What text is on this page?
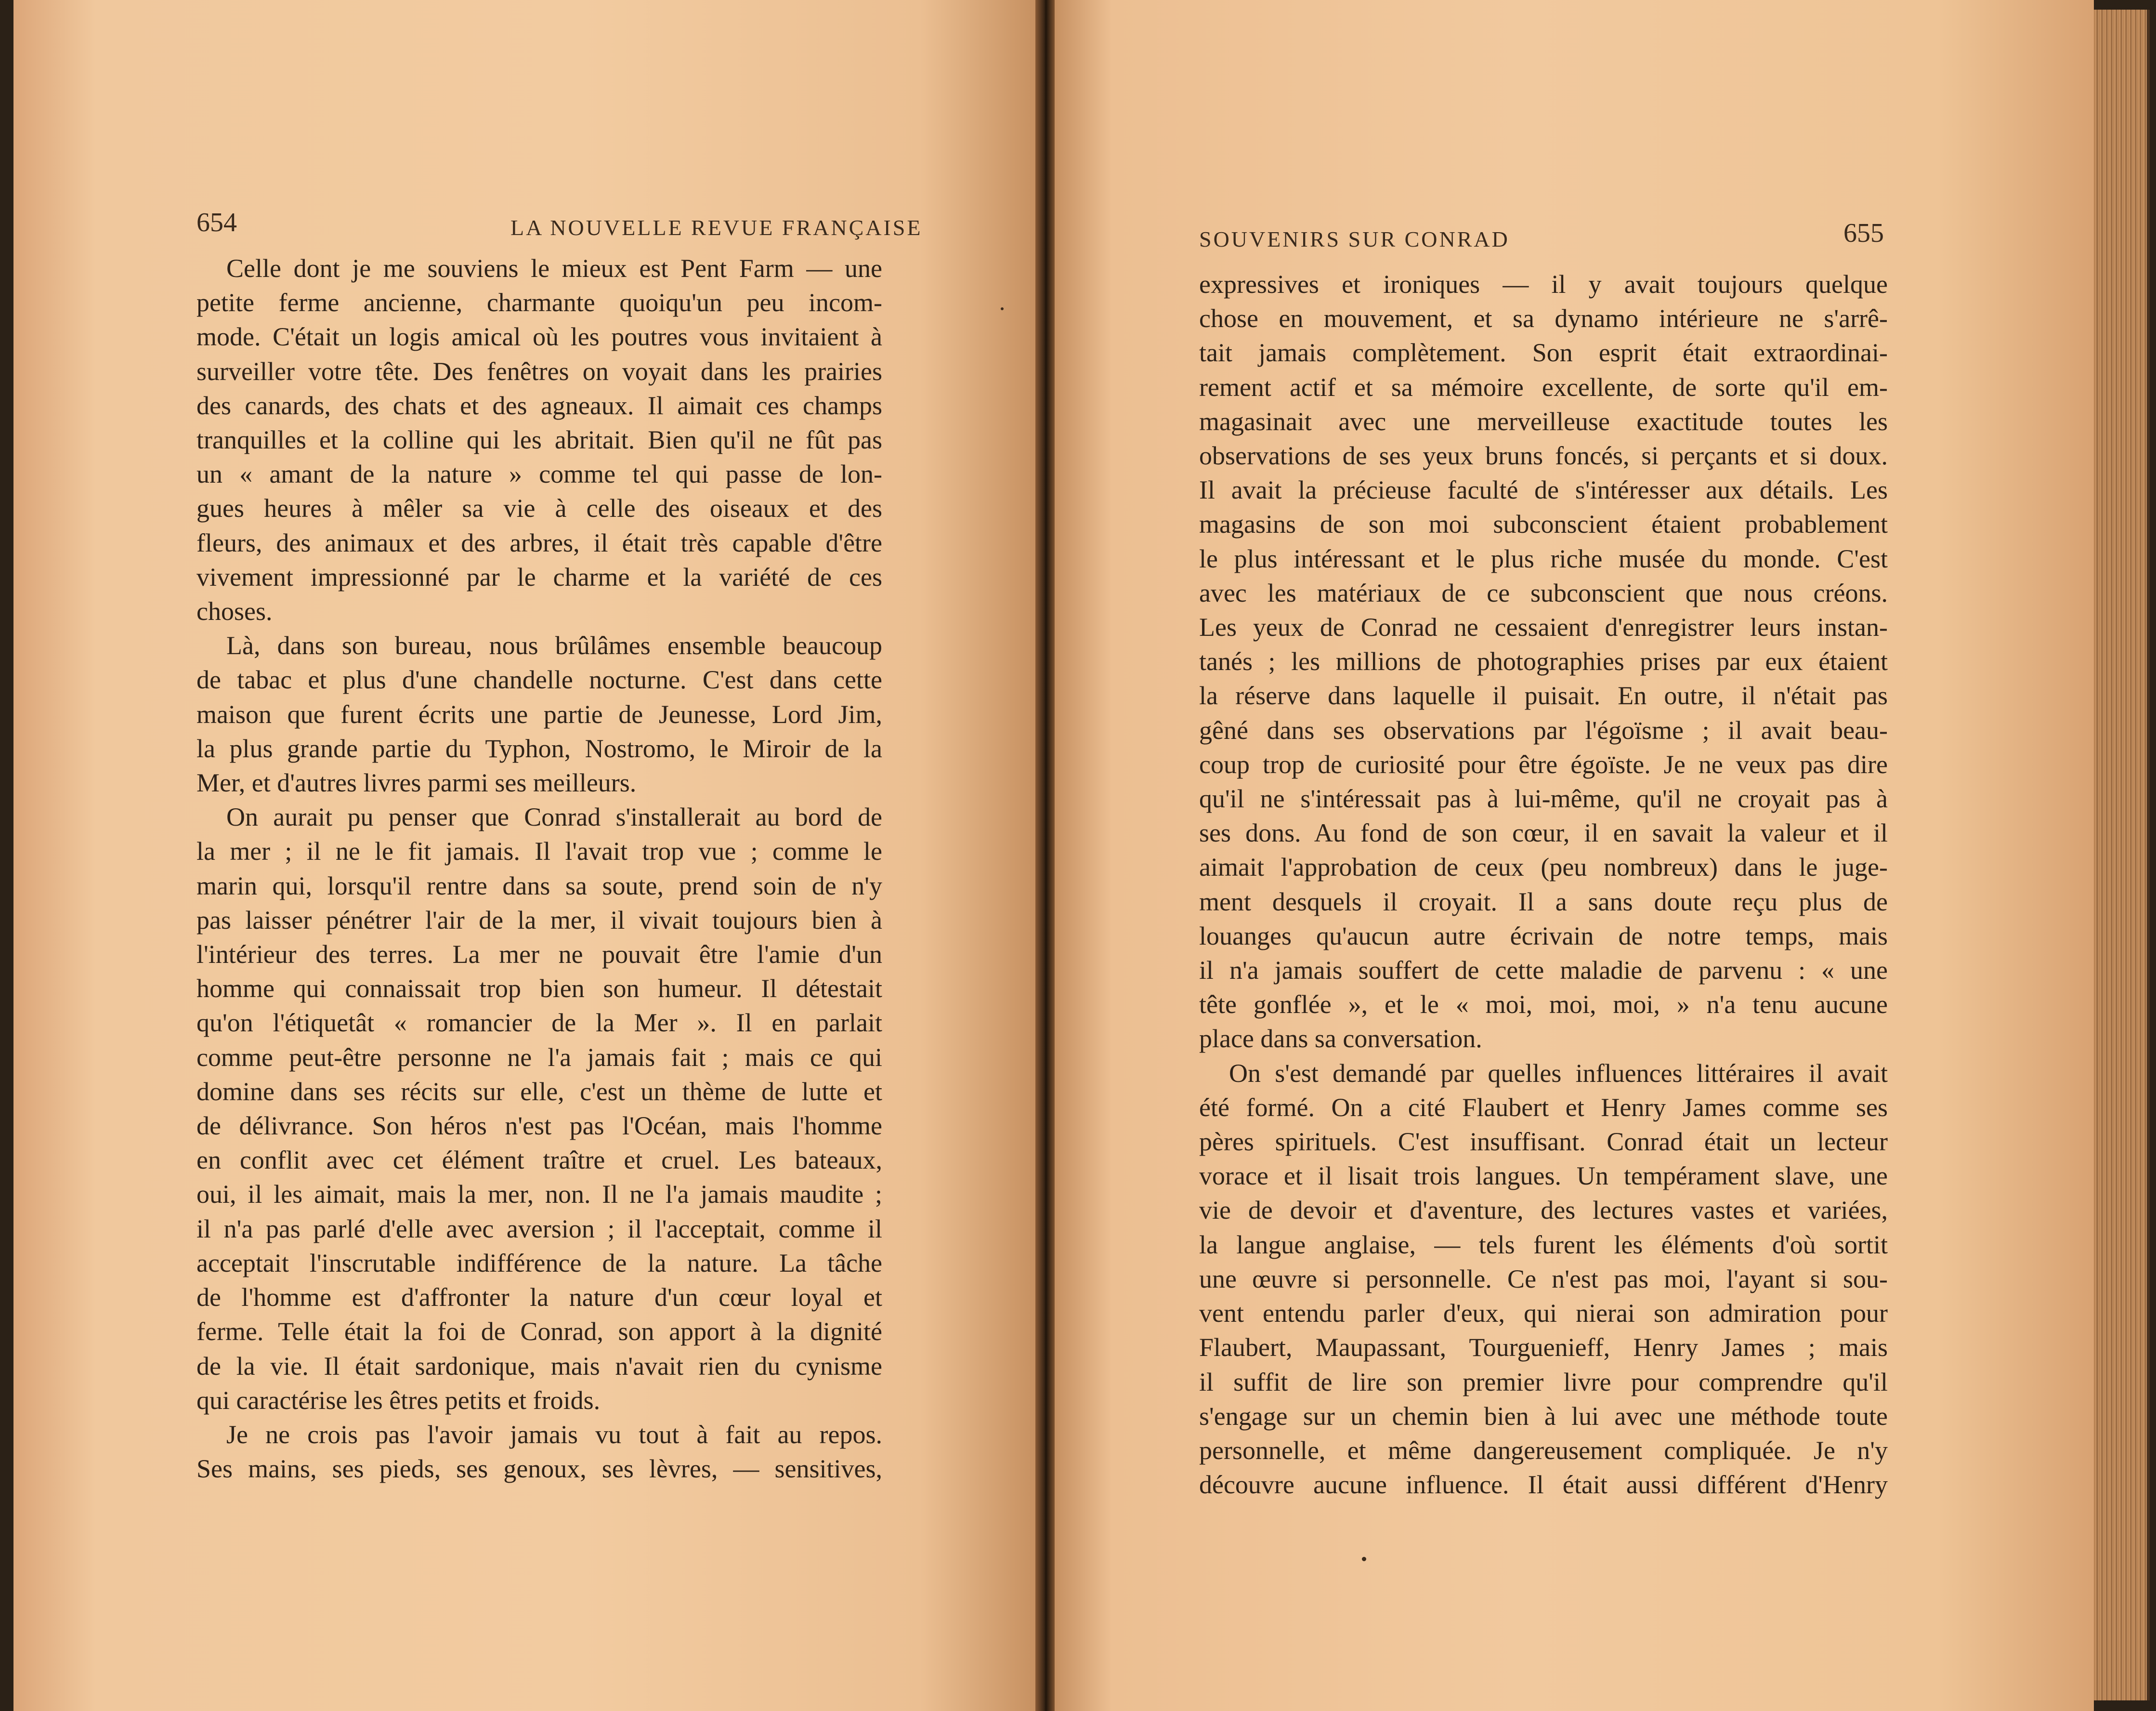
654	LA NOUVELLE REVUE FRANÇAISE
Celle dont je me souviens le mieux est Pent Farm — une
petite ferme ancienne, charmante quoiqu'un peu incom-
mode. C'était un logis amical où les poutres vous invitaient à
surveiller votre tête. Des fenêtres on voyait dans les prairies
des canards, des chats et des agneaux. Il aimait ces champs
tranquilles et la colline qui les abritait. Bien qu'il ne fût pas
un « amant de la nature » comme tel qui passe de lon-
gues heures à mêler sa vie à celle des oiseaux et des
fleurs, des animaux et des arbres, il était très capable d'être
vivement impressionné par le charme et la variété de ces
choses.
Là, dans son bureau, nous brûlâmes ensemble beaucoup
de tabac et plus d'une chandelle nocturne. C'est dans cette
maison que furent écrits une partie de Jeunesse, Lord Jim,
la plus grande partie du Typhon, Nostromo, le Miroir de la
Mer, et d'autres livres parmi ses meilleurs.
On aurait pu penser que Conrad s'installerait au bord de
la mer ; il ne le fit jamais. Il l'avait trop vue ; comme le
marin qui, lorsqu'il rentre dans sa soute, prend soin de n'y
pas laisser pénétrer l'air de la mer, il vivait toujours bien à
l'intérieur des terres. La mer ne pouvait être l'amie d'un
homme qui connaissait trop bien son humeur. Il détestait
qu'on l'étiquetât « romancier de la Mer ». Il en parlait
comme peut-être personne ne l'a jamais fait ; mais ce qui
domine dans ses récits sur elle, c'est un thème de lutte et
de délivrance. Son héros n'est pas l'Océan, mais l'homme
en conflit avec cet élément traître et cruel. Les bateaux,
oui, il les aimait, mais la mer, non. Il ne l'a jamais maudite ;
il n'a pas parlé d'elle avec aversion ; il l'acceptait, comme il
acceptait l'inscrutable indifférence de la nature. La tâche
de l'homme est d'affronter la nature d'un cœur loyal et
ferme. Telle était la foi de Conrad, son apport à la dignité
de la vie. Il était sardonique, mais n'avait rien du cynisme
qui caractérise les êtres petits et froids.
Je ne crois pas l'avoir jamais vu tout à fait au repos.
Ses mains, ses pieds, ses genoux, ses lèvres, — sensitives,
SOUVENIRS SUR CONRAD	655
expressives et ironiques — il y avait toujours quelque
chose en mouvement, et sa dynamo intérieure ne s'arrê-
tait jamais complètement. Son esprit était extraordinai-
rement actif et sa mémoire excellente, de sorte qu'il em-
magasinait avec une merveilleuse exactitude toutes les
observations de ses yeux bruns foncés, si perçants et si doux.
Il avait la précieuse faculté de s'intéresser aux détails. Les
magasins de son moi subconscient étaient probablement
le plus intéressant et le plus riche musée du monde. C'est
avec les matériaux de ce subconscient que nous créons.
Les yeux de Conrad ne cessaient d'enregistrer leurs instan-
tanés ; les millions de photographies prises par eux étaient
la réserve dans laquelle il puisait. En outre, il n'était pas
gêné dans ses observations par l'égoïsme ; il avait beau-
coup trop de curiosité pour être égoïste. Je ne veux pas dire
qu'il ne s'intéressait pas à lui-même, qu'il ne croyait pas à
ses dons. Au fond de son cœur, il en savait la valeur et il
aimait l'approbation de ceux (peu nombreux) dans le juge-
ment desquels il croyait. Il a sans doute reçu plus de
louanges qu'aucun autre écrivain de notre temps, mais
il n'a jamais souffert de cette maladie de parvenu : « une
tête gonflée », et le « moi, moi, moi, » n'a tenu aucune
place dans sa conversation.
On s'est demandé par quelles influences littéraires il avait
été formé. On a cité Flaubert et Henry James comme ses
pères spirituels. C'est insuffisant. Conrad était un lecteur
vorace et il lisait trois langues. Un tempérament slave, une
vie de devoir et d'aventure, des lectures vastes et variées,
la langue anglaise, — tels furent les éléments d'où sortit
une œuvre si personnelle. Ce n'est pas moi, l'ayant si sou-
vent entendu parler d'eux, qui nierai son admiration pour
Flaubert, Maupassant, Tourguenieff, Henry James ; mais
il suffit de lire son premier livre pour comprendre qu'il
s'engage sur un chemin bien à lui avec une méthode toute
personnelle, et même dangereusement compliquée. Je n'y
découvre aucune influence. Il était aussi différent d'Henry
